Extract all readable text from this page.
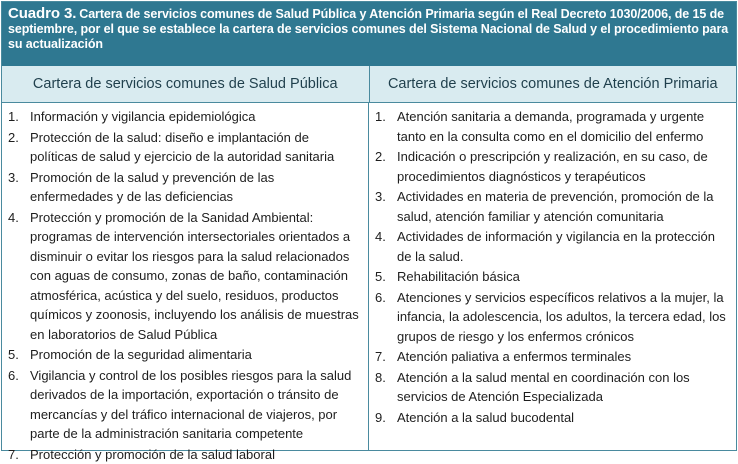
Cuadro 3. Cartera de servicios comunes de Salud Pública y Atención Primaria según el Real Decreto 1030/2006, de 15 de septiembre, por el que se establece la cartera de servicios comunes del Sistema Nacional de Salud y el procedimiento para su actualización
Cartera de servicios comunes de Salud Pública	Cartera de servicios comunes de Atención Primaria
1. Información y vigilancia epidemiológica
2. Protección de la salud: diseño e implantación de políticas de salud y ejercicio de la autoridad sanitaria
3. Promoción de la salud y prevención de las enfermedades y de las deficiencias
4. Protección y promoción de la Sanidad Ambiental: programas de intervención intersectoriales orientados a disminuir o evitar los riesgos para la salud relacionados con aguas de consumo, zonas de baño, contaminación atmosférica, acústica y del suelo, residuos, productos químicos y zoonosis, incluyendo los análisis de muestras en laboratorios de Salud Pública
5. Promoción de la seguridad alimentaria
6. Vigilancia y control de los posibles riesgos para la salud derivados de la importación, exportación o tránsito de mercancías y del tráfico internacional de viajeros, por parte de la administración sanitaria competente
7. Protección y promoción de la salud laboral
1. Atención sanitaria a demanda, programada y urgente tanto en la consulta como en el domicilio del enfermo
2. Indicación o prescripción y realización, en su caso, de procedimientos diagnósticos y terapéuticos
3. Actividades en materia de prevención, promoción de la salud, atención familiar y atención comunitaria
4. Actividades de información y vigilancia en la protección de la salud.
5. Rehabilitación básica
6. Atenciones y servicios específicos relativos a la mujer, la infancia, la adolescencia, los adultos, la tercera edad, los grupos de riesgo y los enfermos crónicos
7. Atención paliativa a enfermos terminales
8. Atención a la salud mental en coordinación con los servicios de Atención Especializada
9. Atención a la salud bucodental
